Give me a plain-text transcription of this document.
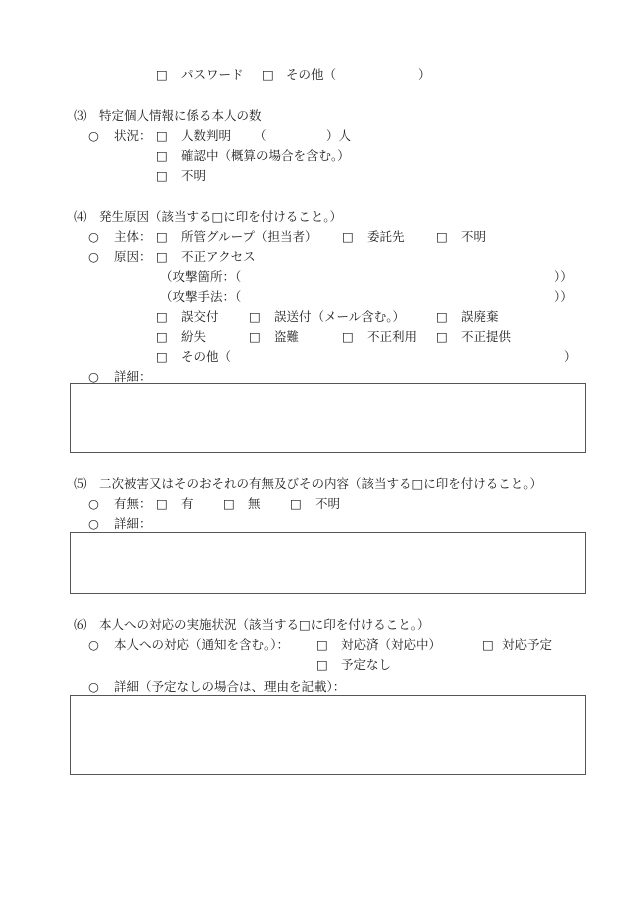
□ パスワード □ その他（	）
⑶　特定個人情報に係る本人の数
○ 状況： □ 人数判明 （	）人
□ 確認中（概算の場合を含む。）
□ 不明
⑷　発生原因（該当する□に印を付けること。）
○ 主体： □ 所管グループ（担当者） □ 委託先	□ 不明
○ 原因： □ 不正アクセス
（攻撃箇所：（	））
（攻撃手法：（	））
□ 誤交付 □ 誤送付（メール含む。） □ 誤廃棄
□ 紛失	□ 盗難	□ 不正利用 □ 不正提供
□ その他（	）
○ 詳細：
⑸　二次被害又はそのおそれの有無及びその内容（該当する□に印を付けること。）
○ 有無： □ 有 □ 無 □ 不明
○ 詳細：
⑹　本人への対応の実施状況（該当する□に印を付けること。）
○ 本人への対応（通知を含む。）： □ 対応済（対応中）	□ 対応予定
□ 予定なし
○ 詳細（予定なしの場合は、理由を記載）：
